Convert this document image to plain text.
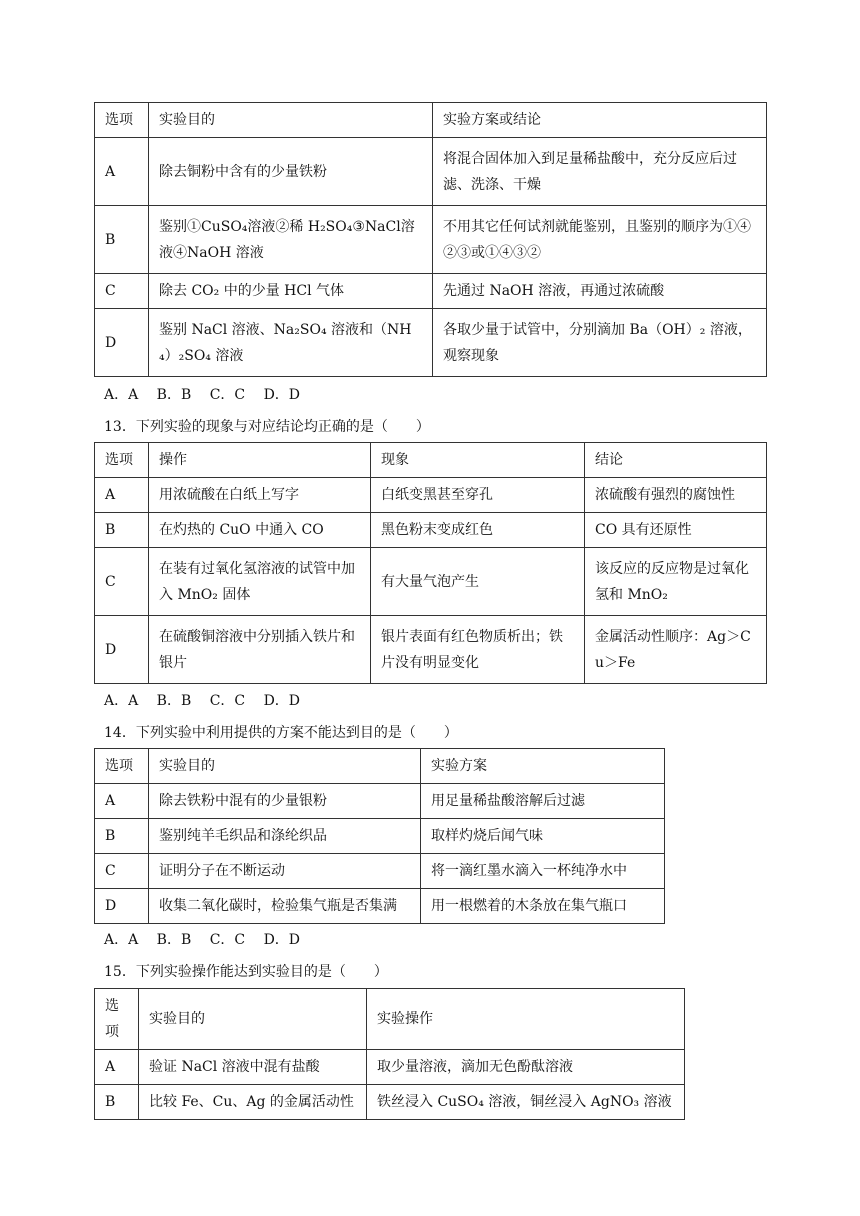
选项	实验目的	实验方案或结论
A	除去铜粉中含有的少量铁粉	将混合固体加入到足量稀盐酸中，充分反应后过滤、洗涤、干燥
B	鉴别①CuSO₄溶液②稀 H₂SO₄③NaCl溶液④NaOH 溶液	不用其它任何试剂就能鉴别，且鉴别的顺序为①④②③或①④③②
C	除去 CO₂ 中的少量 HCl 气体	先通过 NaOH 溶液，再通过浓硫酸
D	鉴别 NaCl 溶液、Na₂SO₄ 溶液和（NH₄）₂SO₄ 溶液	各取少量于试管中，分别滴加 Ba（OH）₂ 溶液，观察现象
A．A　 B．B　 C．C　 D．D
13．下列实验的现象与对应结论均正确的是（　　）
选项	操作	现象	结论
A	用浓硫酸在白纸上写字	白纸变黑甚至穿孔	浓硫酸有强烈的腐蚀性
B	在灼热的 CuO 中通入 CO	黑色粉末变成红色	CO 具有还原性
C	在装有过氧化氢溶液的试管中加入 MnO₂ 固体	有大量气泡产生	该反应的反应物是过氧化氢和 MnO₂
D	在硫酸铜溶液中分别插入铁片和银片	银片表面有红色物质析出；铁片没有明显变化	金属活动性顺序：Ag＞Cu＞Fe
A．A　 B．B　 C．C　 D．D
14．下列实验中利用提供的方案不能达到目的是（　　）
选项	实验目的	实验方案
A	除去铁粉中混有的少量银粉	用足量稀盐酸溶解后过滤
B	鉴别纯羊毛织品和涤纶织品	取样灼烧后闻气味
C	证明分子在不断运动	将一滴红墨水滴入一杯纯净水中
D	收集二氧化碳时，检验集气瓶是否集满	用一根燃着的木条放在集气瓶口
A．A　 B．B　 C．C　 D．D
15．下列实验操作能达到实验目的是（　　）
选项	实验目的	实验操作
A	验证 NaCl 溶液中混有盐酸	取少量溶液，滴加无色酚酞溶液
B	比较 Fe、Cu、Ag 的金属活动性	铁丝浸入 CuSO₄ 溶液，铜丝浸入 AgNO₃ 溶液
